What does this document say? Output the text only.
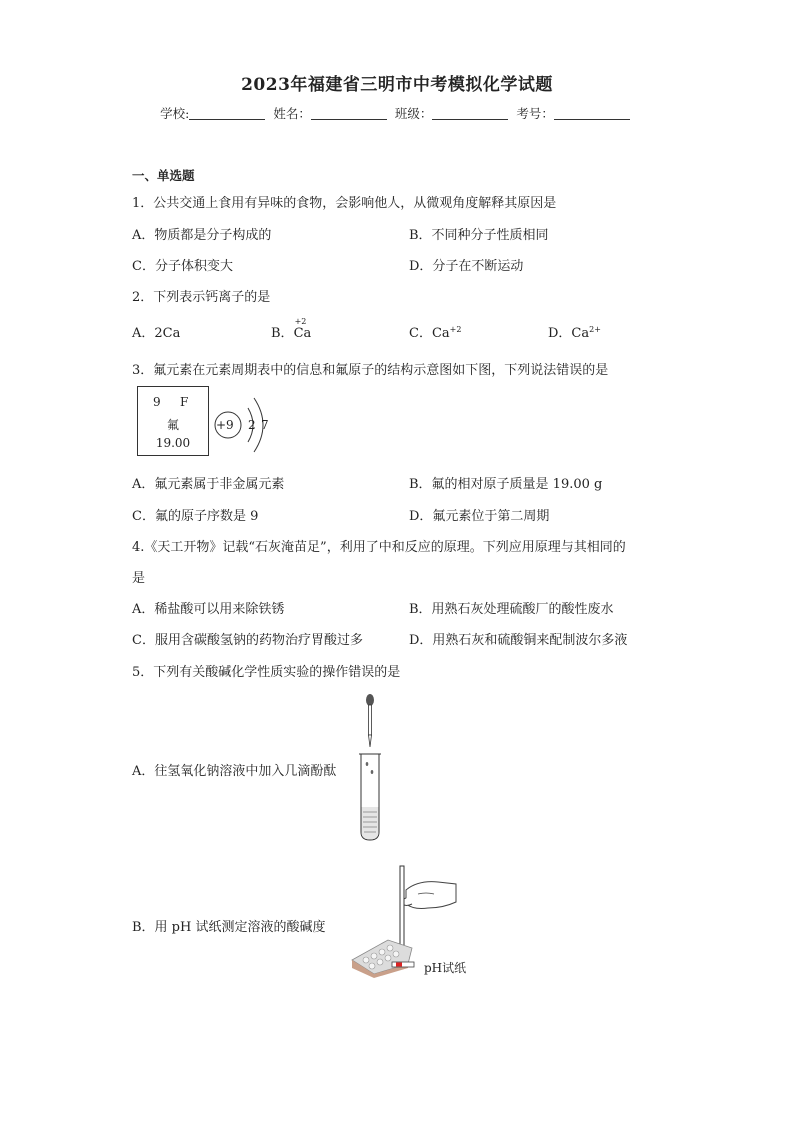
2023年福建省三明市中考模拟化学试题
学校:	姓名：	班级：	考号：
一、单选题
1．公共交通上食用有异味的食物，会影响他人，从微观角度解释其原因是
A．物质都是分子构成的	B．不同种分子性质相同
C．分子体积变大	D．分子在不断运动
2．下列表示钙离子的是
A．2Ca	B．
+2
Ca	C．$Ca^{+2}$	D．$Ca^{2+}$
3．氟元素在元素周期表中的信息和氟原子的结构示意图如下图，下列说法错误的是
9 F
氟
19.00
+9 2 7
A．氟元素属于非金属元素	B．氟的相对原子质量是 19.00 g
C．氟的原子序数是 9	D．氟元素位于第二周期
4.《天工开物》记载“石灰淹苗足”，利用了中和反应的原理。下列应用原理与其相同的
是
A．稀盐酸可以用来除铁锈	B．用熟石灰处理硫酸厂的酸性废水
C．服用含碳酸氢钠的药物治疗胃酸过多	D．用熟石灰和硫酸铜来配制波尔多液
5．下列有关酸碱化学性质实验的操作错误的是
A．往氢氧化钠溶液中加入几滴酚酞
B．用 pH 试纸测定溶液的酸碱度
pH试纸
